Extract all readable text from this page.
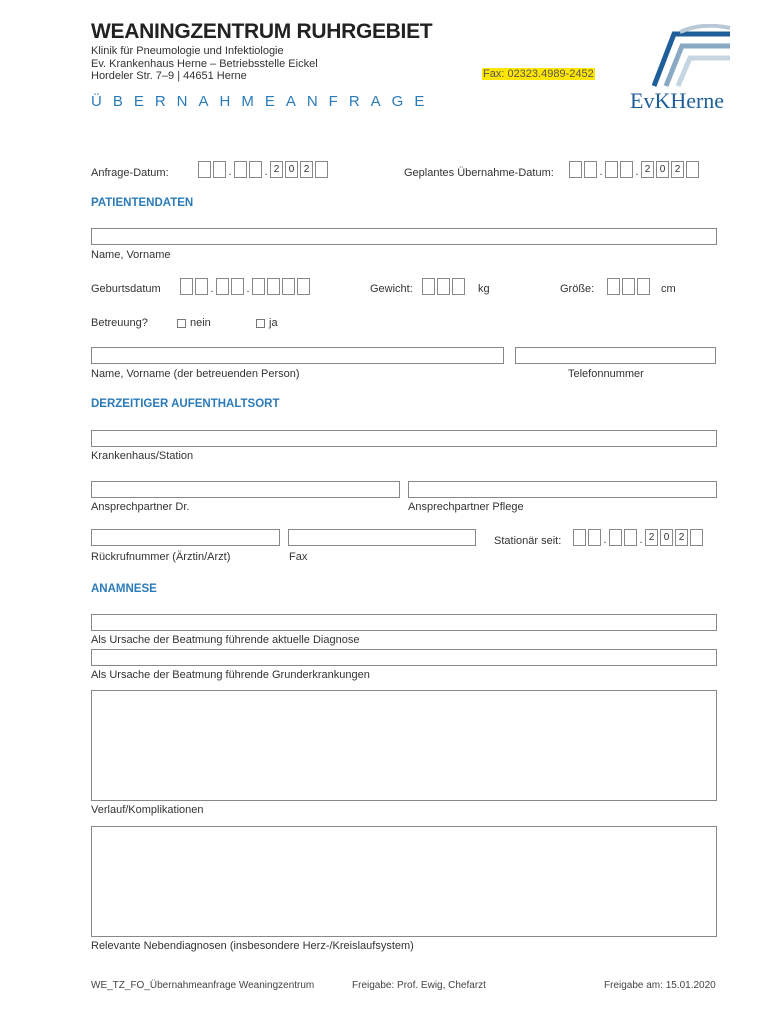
WEANINGZENTRUM RUHRGEBIET
Klinik für Pneumologie und Infektiologie
Ev. Krankenhaus Herne – Betriebsstelle Eickel
Hordeler Str. 7–9 | 44651 Herne	Fax: 02323.4989-2452
EvKHerne
ÜBERNAHMEANFRAGE
Anfrage-Datum:	.	. 2 0 2	Geplantes Übernahme-Datum:	.	. 2 0 2
PATIENTENDATEN
Name, Vorname
Geburtsdatum	.	.	Gewicht:	kg	Größe:	cm
Betreuung?	nein	ja
Name, Vorname (der betreuenden Person)	Telefonnummer
DERZEITIGER AUFENTHALTSORT
Krankenhaus/Station
Ansprechpartner Dr.	Ansprechpartner Pflege
Rückrufnummer (Ärztin/Arzt)	Fax
Stationär seit:	.	. 2 0 2
ANAMNESE
Als Ursache der Beatmung führende aktuelle Diagnose
Als Ursache der Beatmung führende Grunderkrankungen
Verlauf/Komplikationen
Relevante Nebendiagnosen (insbesondere Herz-/Kreislaufsystem)
WE_TZ_FO_Übernahmeanfrage Weaningzentrum	Freigabe: Prof. Ewig, Chefarzt	Freigabe am: 15.01.2020
